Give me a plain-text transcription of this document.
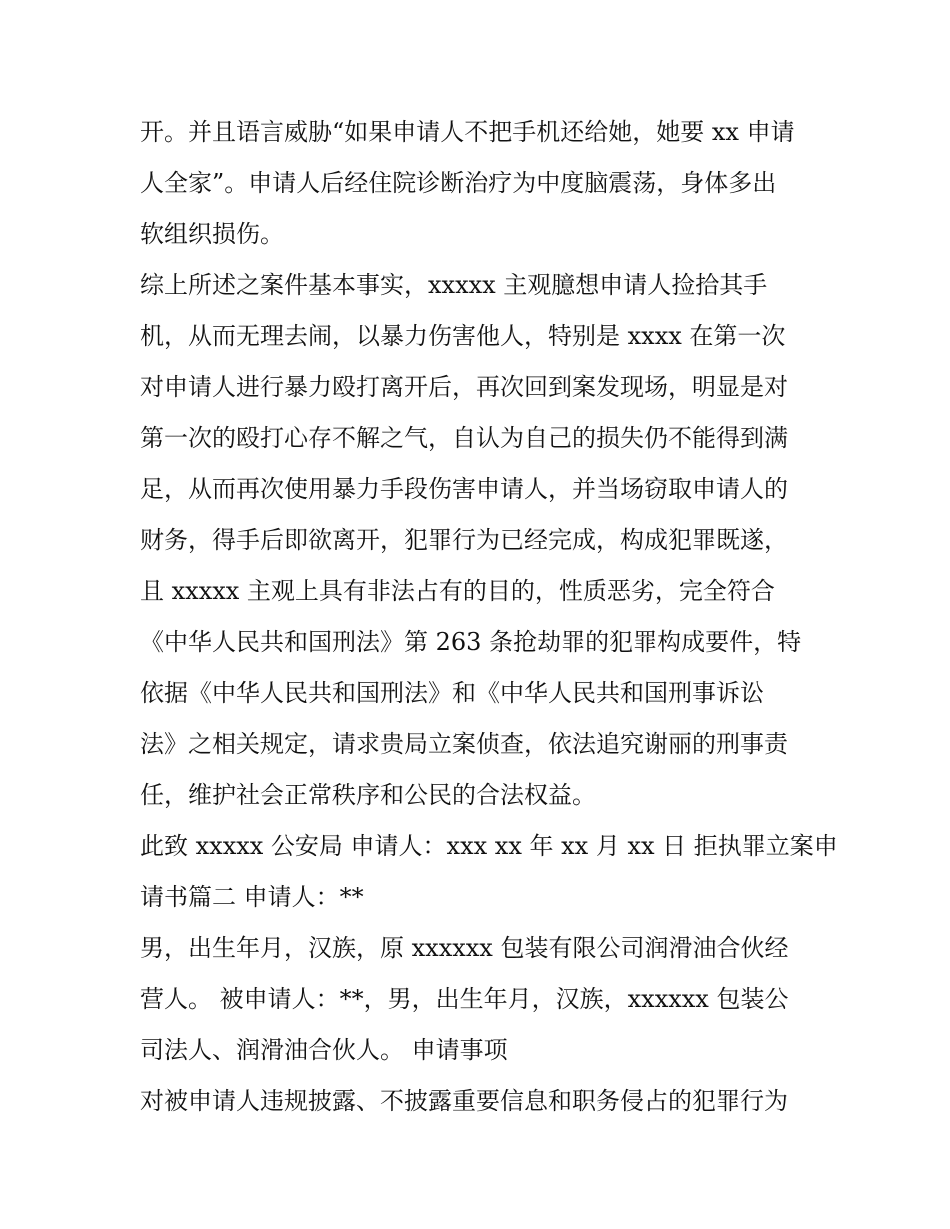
开。并且语言威胁“如果申请人不把手机还给她，她要 xx 申请
人全家”。申请人后经住院诊断治疗为中度脑震荡，身体多出
软组织损伤。
综上所述之案件基本事实，xxxxx 主观臆想申请人捡拾其手
机，从而无理去闹，以暴力伤害他人，特别是 xxxx 在第一次
对申请人进行暴力殴打离开后，再次回到案发现场，明显是对
第一次的殴打心存不解之气，自认为自己的损失仍不能得到满
足，从而再次使用暴力手段伤害申请人，并当场窃取申请人的
财务，得手后即欲离开，犯罪行为已经完成，构成犯罪既遂，
且 xxxxx 主观上具有非法占有的目的，性质恶劣，完全符合
《中华人民共和国刑法》第 263 条抢劫罪的犯罪构成要件，特
依据《中华人民共和国刑法》和《中华人民共和国刑事诉讼
法》之相关规定，请求贵局立案侦查，依法追究谢丽的刑事责
任，维护社会正常秩序和公民的合法权益。
此致 xxxxx 公安局 申请人：xxx xx 年 xx 月 xx 日 拒执罪立案申
请书篇二 申请人：**
男，出生年月，汉族，原 xxxxxx 包装有限公司润滑油合伙经
营人。 被申请人：**，男，出生年月，汉族，xxxxxx 包装公
司法人、润滑油合伙人。 申请事项
对被申请人违规披露、不披露重要信息和职务侵占的犯罪行为
